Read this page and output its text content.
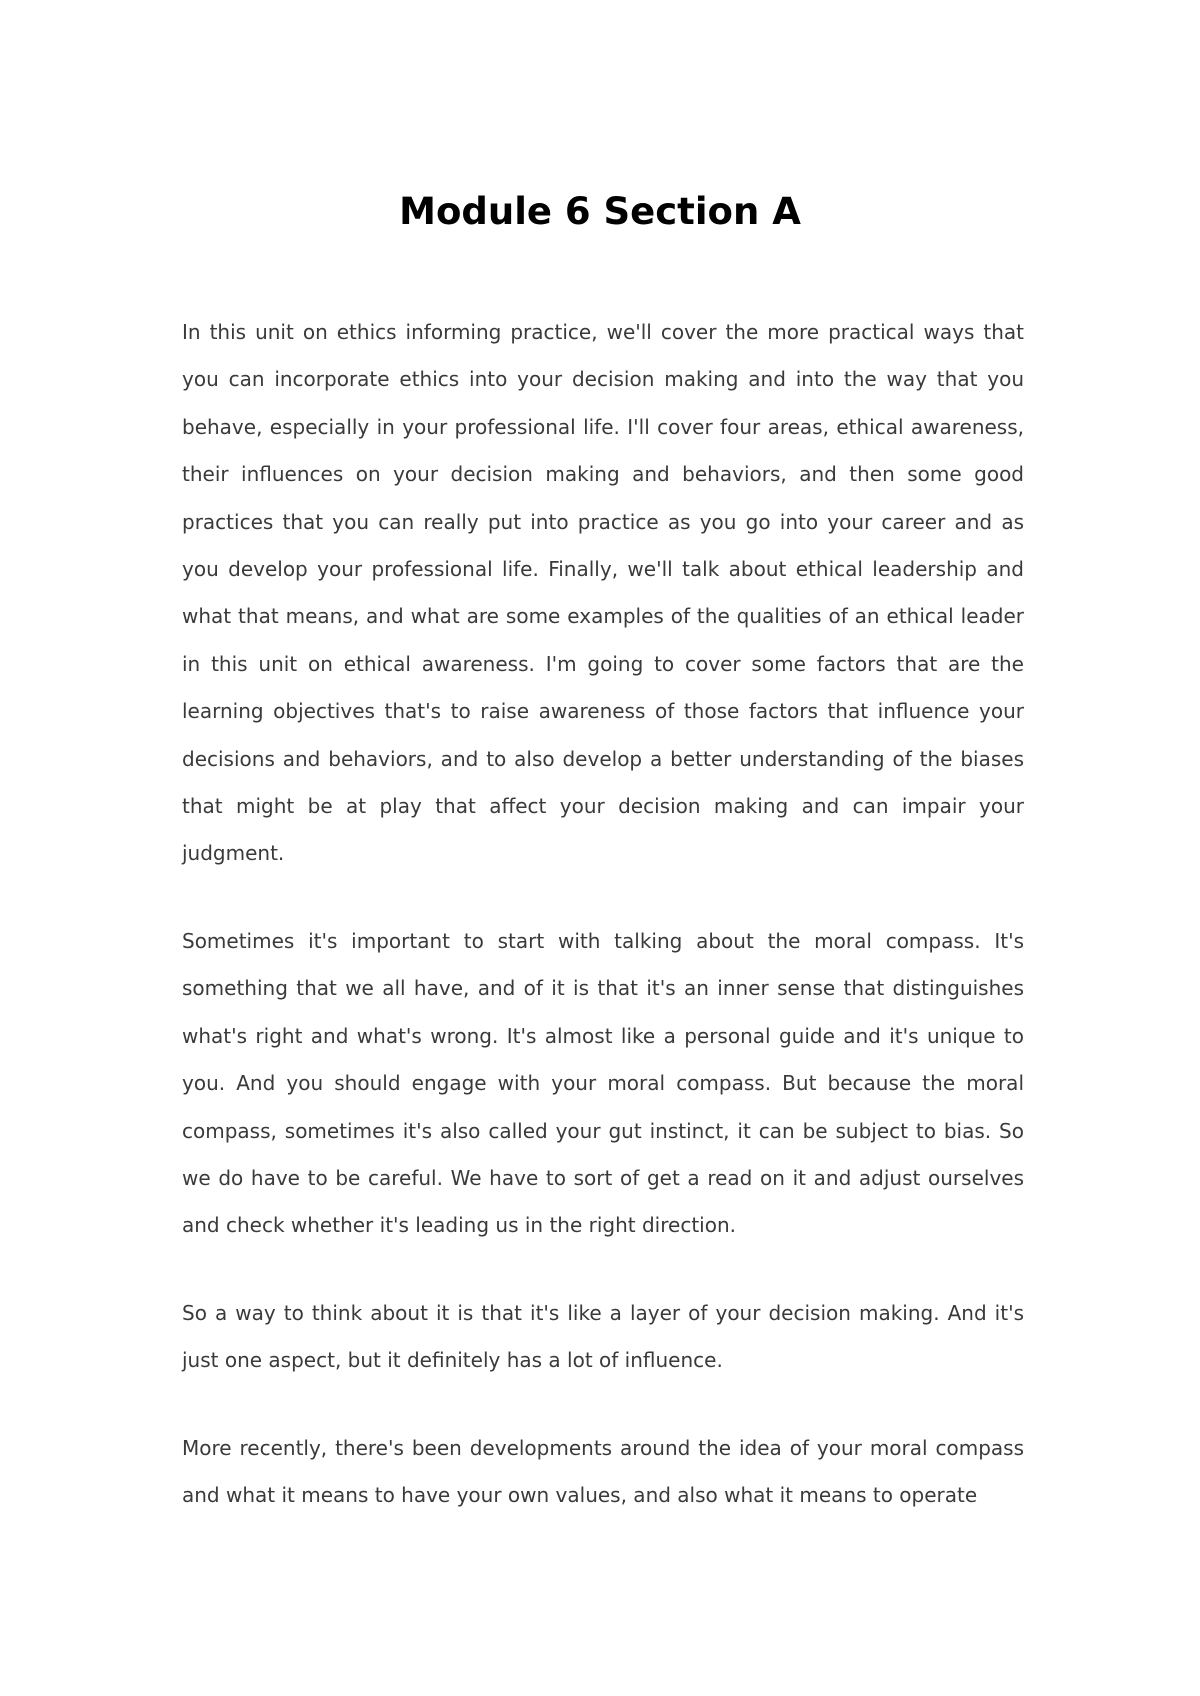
Module 6 Section A

In this unit on ethics informing practice, we'll cover the more practical ways that you can incorporate ethics into your decision making and into the way that you behave, especially in your professional life. I'll cover four areas, ethical awareness, their influences on your decision making and behaviors, and then some good practices that you can really put into practice as you go into your career and as you develop your professional life. Finally, we'll talk about ethical leadership and what that means, and what are some examples of the qualities of an ethical leader in this unit on ethical awareness. I'm going to cover some factors that are the learning objectives that's to raise awareness of those factors that influence your decisions and behaviors, and to also develop a better understanding of the biases that might be at play that affect your decision making and can impair your judgment.

Sometimes it's important to start with talking about the moral compass. It's something that we all have, and of it is that it's an inner sense that distinguishes what's right and what's wrong. It's almost like a personal guide and it's unique to you. And you should engage with your moral compass. But because the moral compass, sometimes it's also called your gut instinct, it can be subject to bias. So we do have to be careful. We have to sort of get a read on it and adjust ourselves and check whether it's leading us in the right direction.

So a way to think about it is that it's like a layer of your decision making. And it's just one aspect, but it definitely has a lot of influence.

More recently, there's been developments around the idea of your moral compass and what it means to have your own values, and also what it means to operate
